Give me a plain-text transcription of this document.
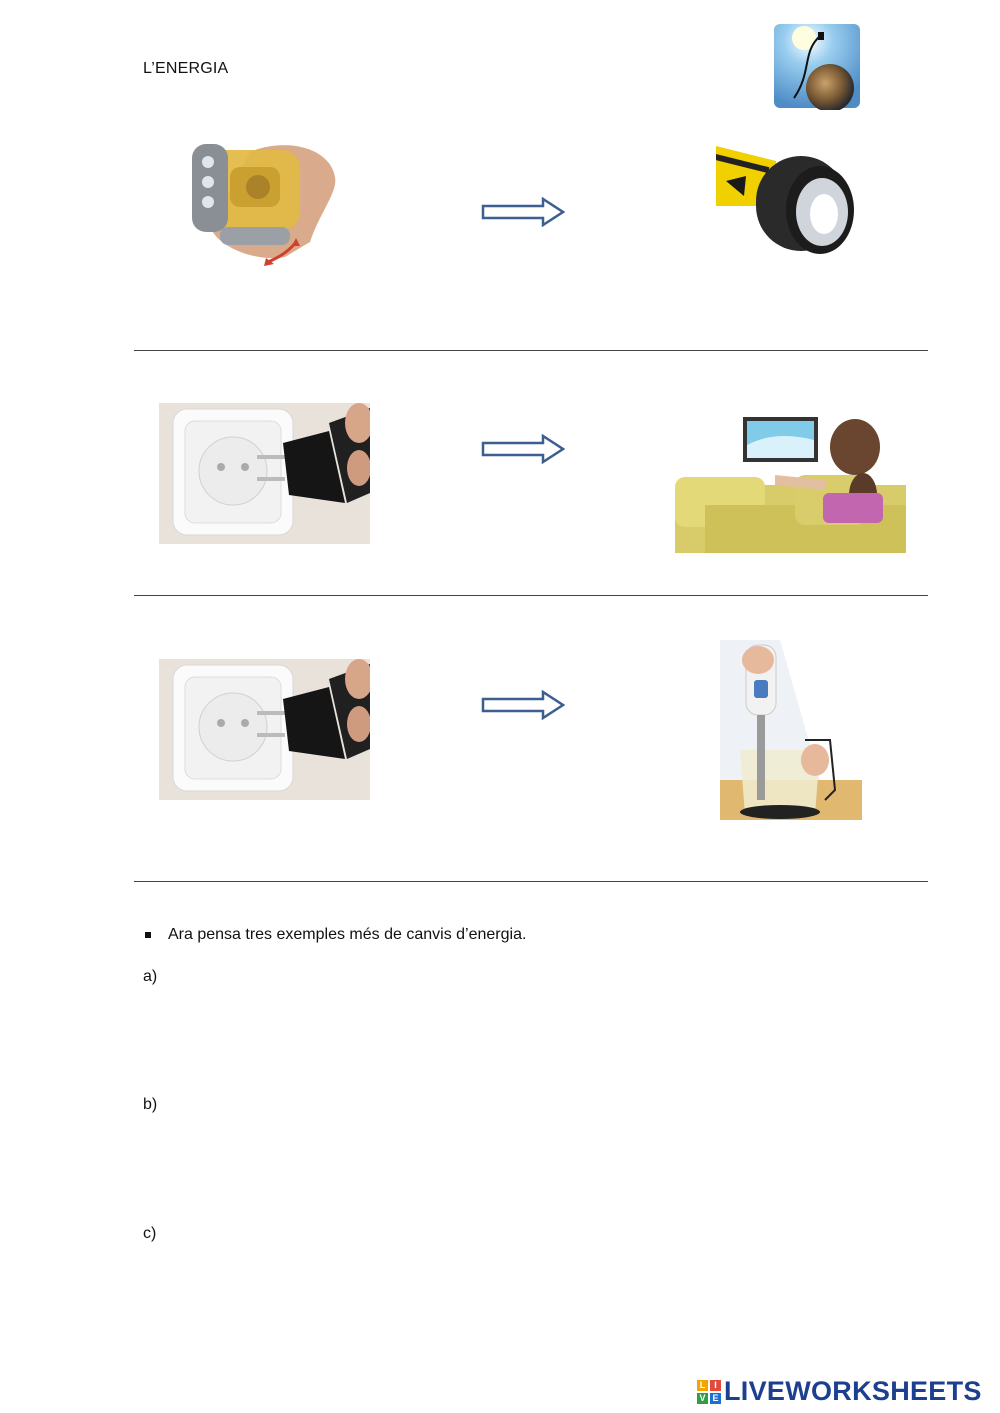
L’ENERGIA
Ara pensa tres exemples més de canvis d’energia.
a)
b)
c)
L I
V E LIVEWORKSHEETS
